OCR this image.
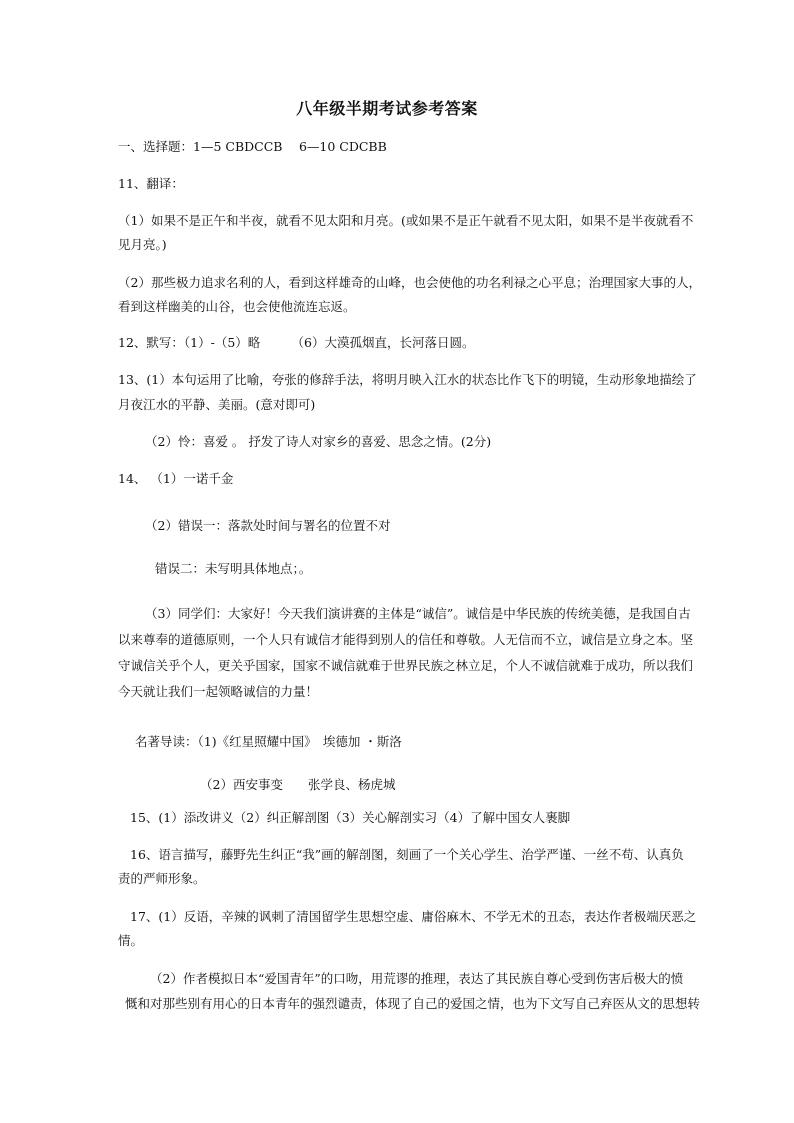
八年级半期考试参考答案
一、选择题：1—5 CBDCCB　 6—10 CDCBB
11、翻译：
（1）如果不是正午和半夜，就看不见太阳和月亮。(或如果不是正午就看不见太阳，如果不是半夜就看不
见月亮。)
（2）那些极力追求名利的人，看到这样雄奇的山峰，也会使他的功名利禄之心平息；治理国家大事的人，
看到这样幽美的山谷，也会使他流连忘返。
12、默写：（1）-（5）略　　　（6）大漠孤烟直，长河落日圆。
13、(1）本句运用了比喻，夸张的修辞手法，将明月映入江水的状态比作飞下的明镜，生动形象地描绘了
月夜江水的平静、美丽。(意对即可)
（2）怜：喜爱 。 抒发了诗人对家乡的喜爱、思念之情。(2分)
14、 （1）一诺千金
（2）错误一：落款处时间与署名的位置不对
错误二：未写明具体地点；。
（3）同学们：大家好！今天我们演讲赛的主体是“诚信”。诚信是中华民族的传统美德，是我国自古
以来尊奉的道德原则，一个人只有诚信才能得到别人的信任和尊敬。人无信而不立，诚信是立身之本。坚
守诚信关乎个人，更关乎国家，国家不诚信就难于世界民族之林立足，个人不诚信就难于成功，所以我们
今天就让我们一起领略诚信的力量！
名著导读：（1)《红星照耀中国》　埃德加 ・斯洛
（2）西安事变　　张学良、杨虎城
15、(1）添改讲义（2）纠正解剖图（3）关心解剖实习（4）了解中国女人裹脚
16、语言描写，藤野先生纠正“我”画的解剖图，刻画了一个关心学生、治学严谨、一丝不苟、认真负
责的严师形象。
17、(1）反语，辛辣的讽刺了清国留学生思想空虚、庸俗麻木、不学无术的丑态，表达作者极端厌恶之
情。
（2）作者模拟日本“爱国青年”的口吻，用荒谬的推理，表达了其民族自尊心受到伤害后极大的愤
慨和对那些别有用心的日本青年的强烈谴责，体现了自己的爱国之情，也为下文写自己弃医从文的思想转
